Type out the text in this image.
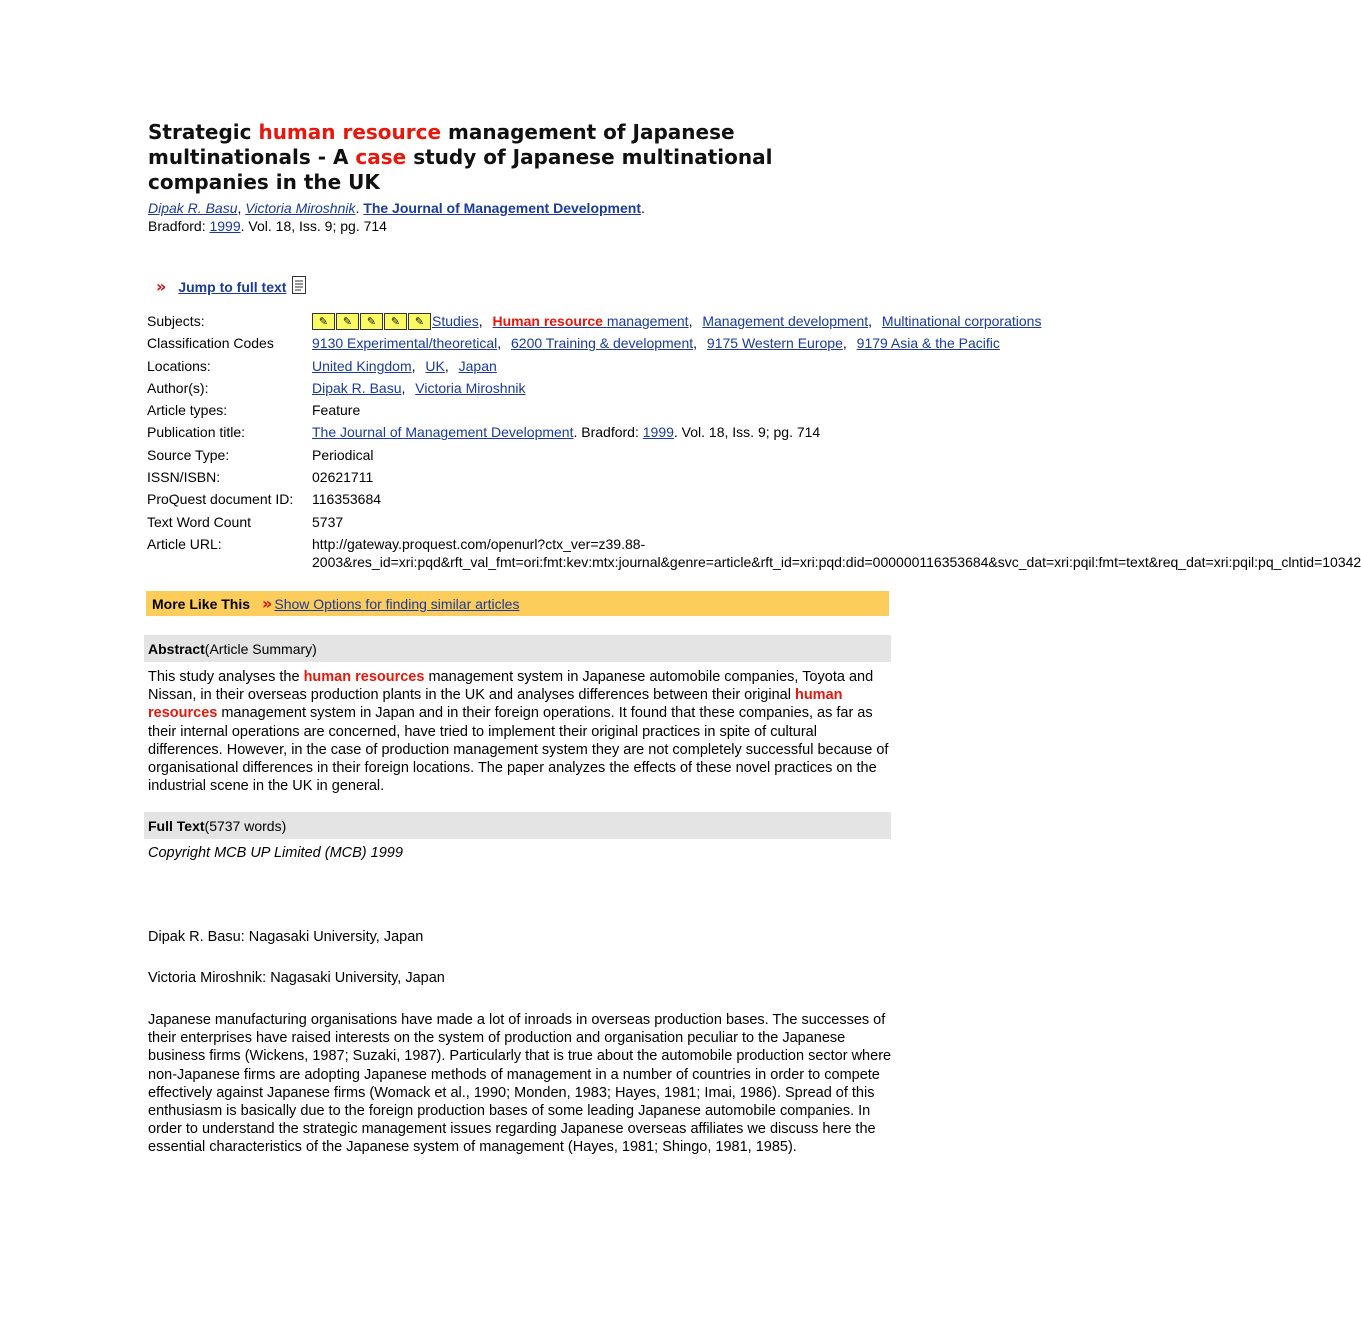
Strategic human resource management of Japanese multinationals - A case study of Japanese multinational companies in the UK
Dipak R. Basu, Victoria Miroshnik. The Journal of Management Development. Bradford: 1999. Vol. 18, Iss. 9; pg. 714
» Jump to full text
Subjects:	✎	✎	✎	✎	✎ Studies, Human resource management, Management development, Multinational corporations
Classification Codes	9130 Experimental/theoretical, 6200 Training & development, 9175 Western Europe, 9179 Asia & the Pacific
Locations:	United Kingdom, UK, Japan
Author(s):	Dipak R. Basu, Victoria Miroshnik
Article types:	Feature
Publication title:	The Journal of Management Development. Bradford: 1999. Vol. 18, Iss. 9; pg. 714
Source Type:	Periodical
ISSN/ISBN:	02621711
ProQuest document ID:	116353684
Text Word Count	5737
Article URL:	http://gateway.proquest.com/openurl?ctx_ver=z39.88-
2003&res_id=xri:pqd&rft_val_fmt=ori:fmt:kev:mtx:journal&genre=article&rft_id=xri:pqd:did=000000116353684&svc_dat=xri:pqil:fmt=text&req_dat=xri:pqil:pq_clntid=10342
More Like This » Show Options for finding similar articles
Abstract (Article Summary)
This study analyses the human resources management system in Japanese automobile companies, Toyota and Nissan, in their overseas production plants in the UK and analyses differences between their original human resources management system in Japan and in their foreign operations. It found that these companies, as far as their internal operations are concerned, have tried to implement their original practices in spite of cultural differences. However, in the case of production management system they are not completely successful because of organisational differences in their foreign locations. The paper analyzes the effects of these novel practices on the industrial scene in the UK in general.
Full Text (5737 words)
Copyright MCB UP Limited (MCB) 1999
Dipak R. Basu: Nagasaki University, Japan
Victoria Miroshnik: Nagasaki University, Japan
Japanese manufacturing organisations have made a lot of inroads in overseas production bases. The successes of their enterprises have raised interests on the system of production and organisation peculiar to the Japanese business firms (Wickens, 1987; Suzaki, 1987). Particularly that is true about the automobile production sector where non-Japanese firms are adopting Japanese methods of management in a number of countries in order to compete effectively against Japanese firms (Womack et al., 1990; Monden, 1983; Hayes, 1981; Imai, 1986). Spread of this enthusiasm is basically due to the foreign production bases of some leading Japanese automobile companies. In order to understand the strategic management issues regarding Japanese overseas affiliates we discuss here the essential characteristics of the Japanese system of management (Hayes, 1981; Shingo, 1981, 1985).
